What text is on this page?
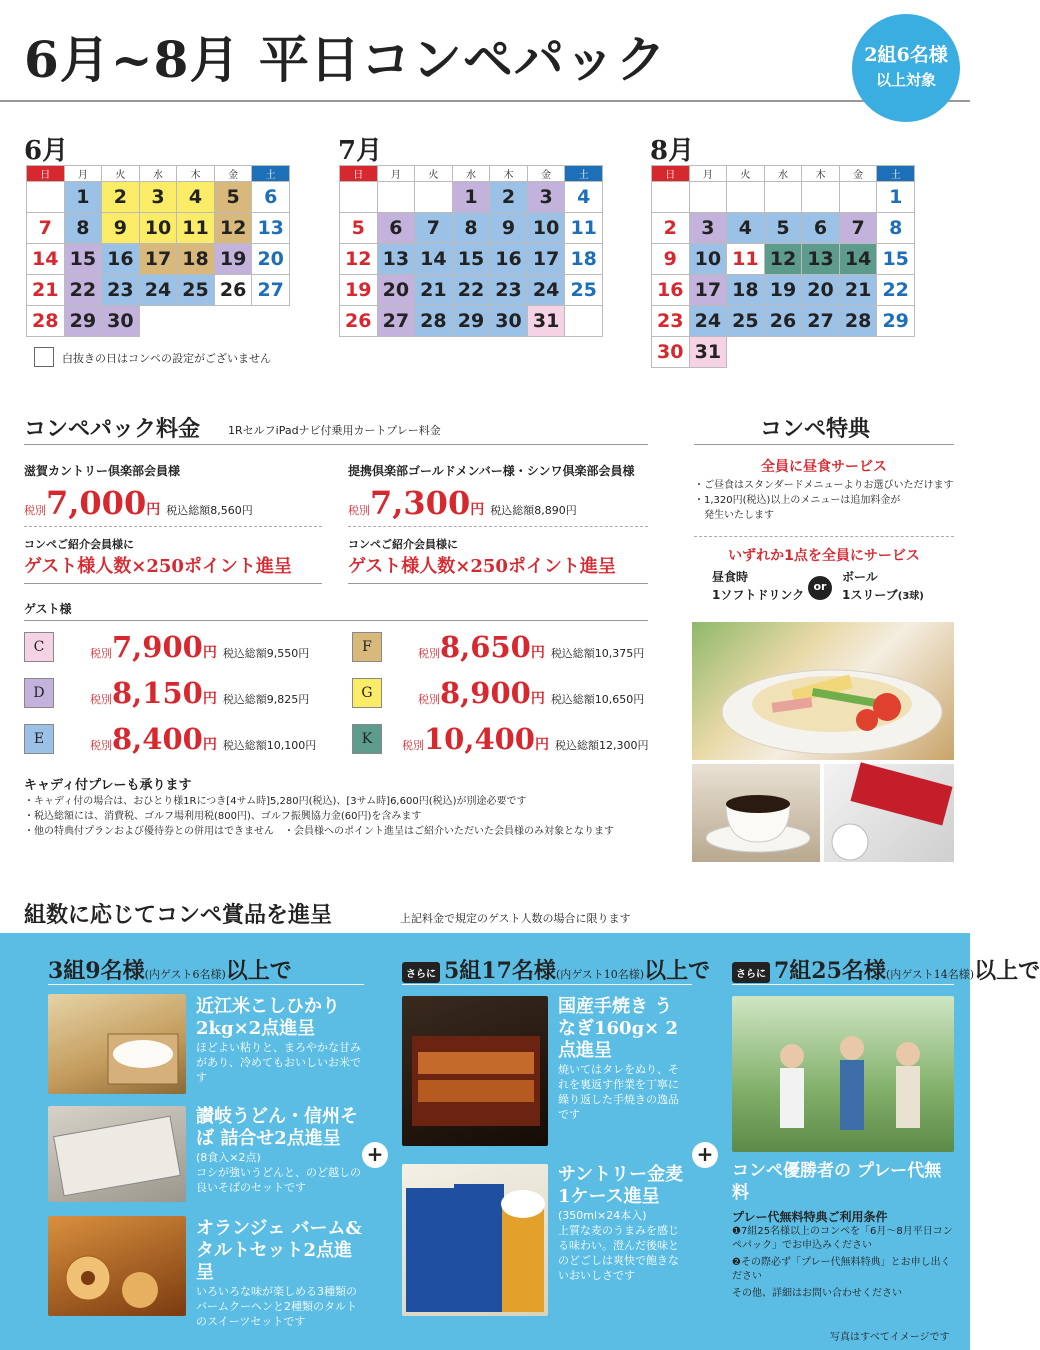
6月~8月 平日コンペパック	2組6名様
以上対象
6月	7月	8月
日	月	火	水	木	金	土
	1	2	3	4	5	6
7	8	9	10	11	12	13
14	15	16	17	18	19	20
21	22	23	24	25	26	27
28	29	30				
日	月	火	水	木	金	土
			1	2	3	4
5	6	7	8	9	10	11
12	13	14	15	16	17	18
19	20	21	22	23	24	25
26	27	28	29	30	31	
日	月	火	水	木	金	土
						1
2	3	4	5	6	7	8
9	10	11	12	13	14	15
16	17	18	19	20	21	22
23	24	25	26	27	28	29
30	31					
白抜きの日はコンペの設定がございません
コンペパック料金	1RセルフiPadナビ付乗用カートプレー料金
滋賀カントリー倶楽部会員様
税別7,000円 税込総額8,560円
コンペご紹介会員様に
ゲスト様人数×250ポイント進呈
提携倶楽部ゴールドメンバー様・シンワ倶楽部会員様
税別7,300円 税込総額8,890円
コンペご紹介会員様に
ゲスト様人数×250ポイント進呈
ゲスト様
C	税別7,900円 税込総額9,550円
D	税別8,150円 税込総額9,825円
E	税別8,400円 税込総額10,100円
F	税別8,650円 税込総額10,375円
G	税別8,900円 税込総額10,650円
K	税別10,400円 税込総額12,300円
キャディ付プレーも承ります
・キャディ付の場合は、おひとり様1Rにつき[4サム時]5,280円(税込)、[3サム時]6,600円(税込)が別途必要です
・税込総額には、消費税、ゴルフ場利用税(800円)、ゴルフ振興協力金(60円)を含みます
・他の特典付プランおよび優待券との併用はできません　・会員様へのポイント進呈はご紹介いただいた会員様のみ対象となります
コンペ特典
全員に昼食サービス
・ご昼食はスタンダードメニューよりお選びいただけます
・1,320円(税込)以上のメニューは追加料金が
　発生いたします
いずれか1点を全員にサービス
昼食時
1ソフトドリンク
or
ボール
1スリーブ(3球)
組数に応じてコンペ賞品を進呈	上記料金で規定のゲスト人数の場合に限ります
3組9名様(内ゲスト6名様)以上で	さらに 5組17名様(内ゲスト10名様)以上で	さらに 7組25名様(内ゲスト14名様)以上で
近江米こしひかり 2kg×2点進呈
ほどよい粘りと、まろやかな甘みがあり、冷めてもおいしいお米です
讃岐うどん・信州そば 詰合せ2点進呈
(8食入×2点)
コシが強いうどんと、のど越しの良いそばのセットです
オランジェ バーム& タルトセット2点進呈
いろいろな味が楽しめる3種類のバームクーヘンと2種類のタルトのスイーツセットです
+
国産手焼き うなぎ160g× 2点進呈
焼いてはタレをぬり、それを裏返す作業を丁寧に繰り返した手焼きの逸品です
サントリー金麦 1ケース進呈
(350ml×24本入)
上質な麦のうまみを感じる味わい。澄んだ後味とのどごしは爽快で飽きないおいしさです
+
コンペ優勝者の プレー代無料
プレー代無料特典ご利用条件
❶7組25名様以上のコンペを「6月～8月平日コンペパック」でお申込みください
❷その際必ず「プレー代無料特典」とお申し出ください
その他、詳細はお問い合わせください
写真はすべてイメージです
